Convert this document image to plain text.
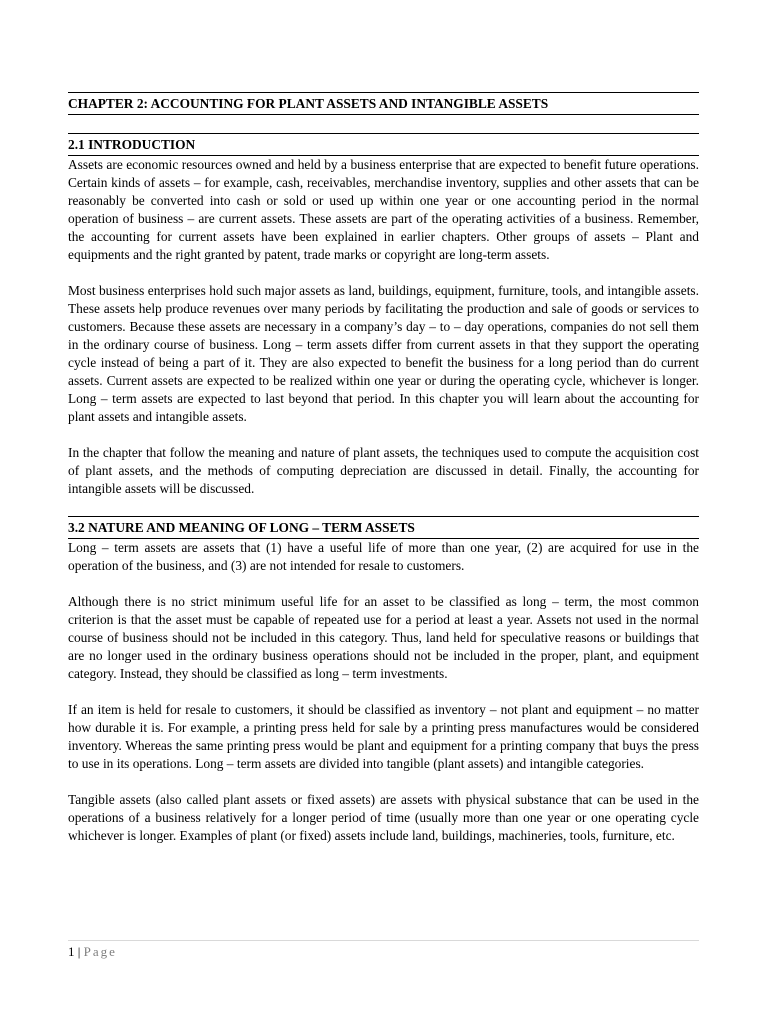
CHAPTER 2: ACCOUNTING FOR PLANT ASSETS AND INTANGIBLE ASSETS
2.1 INTRODUCTION

Assets are economic resources owned and held by a business enterprise that are expected to benefit future operations. Certain kinds of assets – for example, cash, receivables, merchandise inventory, supplies and other assets that can be reasonably be converted into cash or sold or used up within one year or one accounting period in the normal operation of business – are current assets. These assets are part of the operating activities of a business. Remember, the accounting for current assets have been explained in earlier chapters. Other groups of assets – Plant and equipments and the right granted by patent, trade marks or copyright are long-term assets.

Most business enterprises hold such major assets as land, buildings, equipment, furniture, tools, and intangible assets. These assets help produce revenues over many periods by facilitating the production and sale of goods or services to customers. Because these assets are necessary in a company’s day – to – day operations, companies do not sell them in the ordinary course of business. Long – term assets differ from current assets in that they support the operating cycle instead of being a part of it. They are also expected to benefit the business for a long period than do current assets. Current assets are expected to be realized within one year or during the operating cycle, whichever is longer. Long – term assets are expected to last beyond that period. In this chapter you will learn about the accounting for plant assets and intangible assets.

In the chapter that follow the meaning and nature of plant assets, the techniques used to compute the acquisition cost of plant assets, and the methods of computing depreciation are discussed in detail. Finally, the accounting for intangible assets will be discussed.

3.2 NATURE AND MEANING OF LONG – TERM ASSETS

Long – term assets are assets that (1) have a useful life of more than one year, (2) are acquired for use in the operation of the business, and (3) are not intended for resale to customers.

Although there is no strict minimum useful life for an asset to be classified as long – term, the most common criterion is that the asset must be capable of repeated use for a period at least a year. Assets not used in the normal course of business should not be included in this category. Thus, land held for speculative reasons or buildings that are no longer used in the ordinary business operations should not be included in the proper, plant, and equipment category. Instead, they should be classified as long – term investments.

If an item is held for resale to customers, it should be classified as inventory – not plant and equipment – no matter how durable it is. For example, a printing press held for sale by a printing press manufactures would be considered inventory. Whereas the same printing press would be plant and equipment for a printing company that buys the press to use in its operations. Long – term assets are divided into tangible (plant assets) and intangible categories.

Tangible assets (also called plant assets or fixed assets) are assets with physical substance that can be used in the operations of a business relatively for a longer period of time (usually more than one year or one operating cycle whichever is longer. Examples of plant (or fixed) assets include land, buildings, machineries, tools, furniture, etc.

1 | Page
